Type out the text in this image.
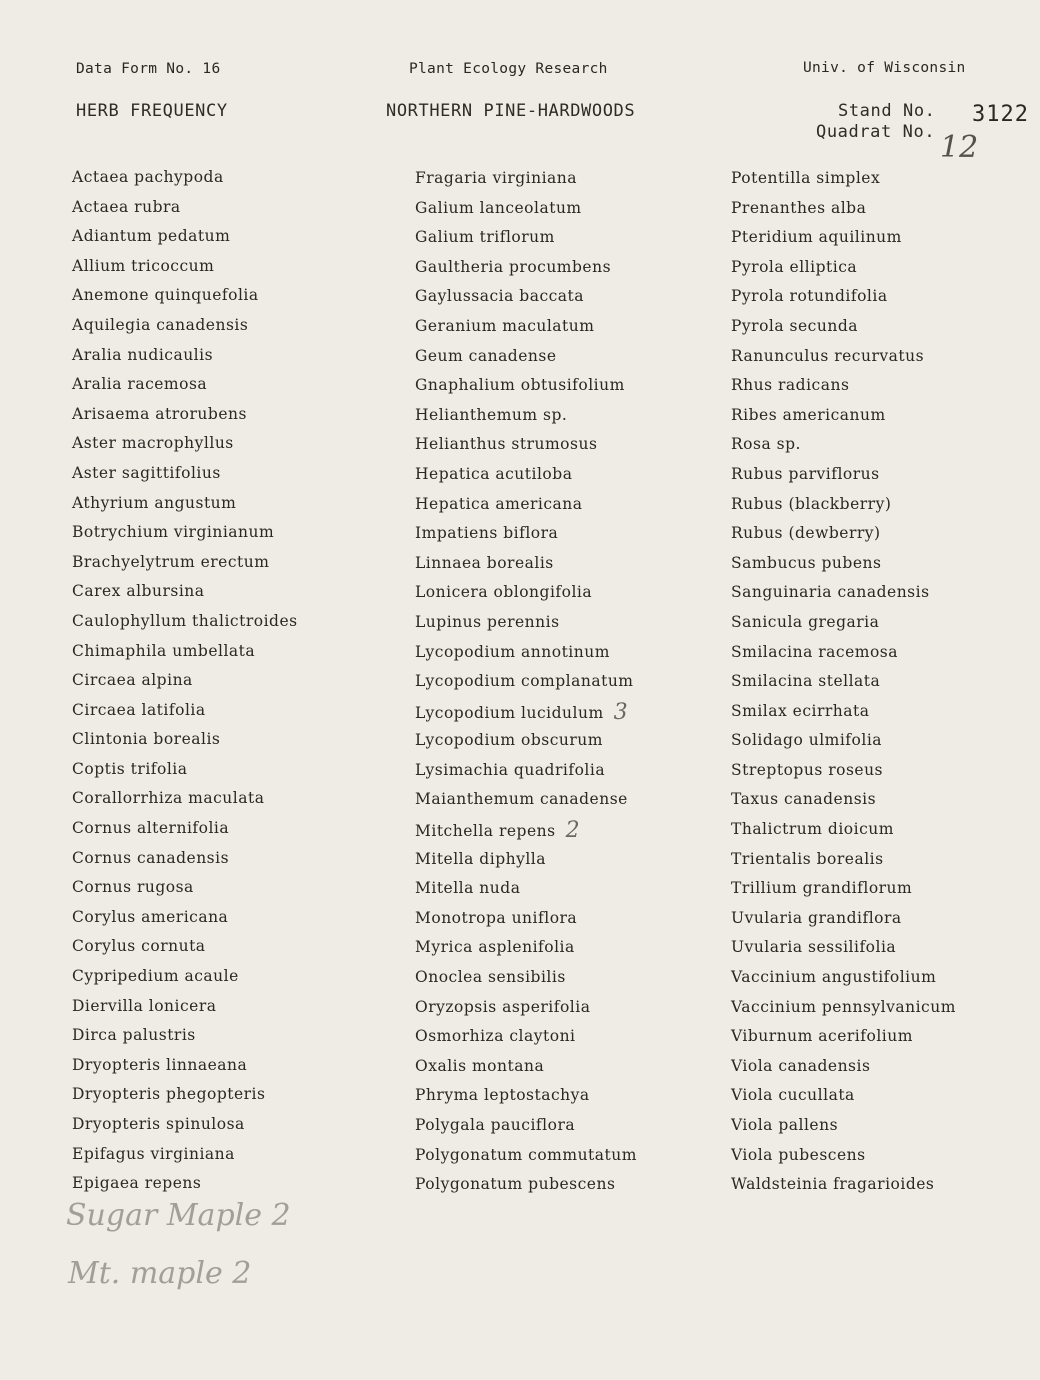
Data Form No. 16	Plant Ecology Research	Univ. of Wisconsin
HERB FREQUENCY	NORTHERN PINE-HARDWOODS	Stand No.
Quadrat No.
3122
12
Actaea pachypoda
Actaea rubra
Adiantum pedatum
Allium tricoccum
Anemone quinquefolia
Aquilegia canadensis
Aralia nudicaulis
Aralia racemosa
Arisaema atrorubens
Aster macrophyllus
Aster sagittifolius
Athyrium angustum
Botrychium virginianum
Brachyelytrum erectum
Carex albursina
Caulophyllum thalictroides
Chimaphila umbellata
Circaea alpina
Circaea latifolia
Clintonia borealis
Coptis trifolia
Corallorrhiza maculata
Cornus alternifolia
Cornus canadensis
Cornus rugosa
Corylus americana
Corylus cornuta
Cypripedium acaule
Diervilla lonicera
Dirca palustris
Dryopteris linnaeana
Dryopteris phegopteris
Dryopteris spinulosa
Epifagus virginiana
Epigaea repens
Fragaria virginiana
Galium lanceolatum
Galium triflorum
Gaultheria procumbens
Gaylussacia baccata
Geranium maculatum
Geum canadense
Gnaphalium obtusifolium
Helianthemum sp.
Helianthus strumosus
Hepatica acutiloba
Hepatica americana
Impatiens biflora
Linnaea borealis
Lonicera oblongifolia
Lupinus perennis
Lycopodium annotinum
Lycopodium complanatum
Lycopodium lucidulum 3
Lycopodium obscurum
Lysimachia quadrifolia
Maianthemum canadense
Mitchella repens 2
Mitella diphylla
Mitella nuda
Monotropa uniflora
Myrica asplenifolia
Onoclea sensibilis
Oryzopsis asperifolia
Osmorhiza claytoni
Oxalis montana
Phryma leptostachya
Polygala pauciflora
Polygonatum commutatum
Polygonatum pubescens
Potentilla simplex
Prenanthes alba
Pteridium aquilinum
Pyrola elliptica
Pyrola rotundifolia
Pyrola secunda
Ranunculus recurvatus
Rhus radicans
Ribes americanum
Rosa sp.
Rubus parviflorus
Rubus (blackberry)
Rubus (dewberry)
Sambucus pubens
Sanguinaria canadensis
Sanicula gregaria
Smilacina racemosa
Smilacina stellata
Smilax ecirrhata
Solidago ulmifolia
Streptopus roseus
Taxus canadensis
Thalictrum dioicum
Trientalis borealis
Trillium grandiflorum
Uvularia grandiflora
Uvularia sessilifolia
Vaccinium angustifolium
Vaccinium pennsylvanicum
Viburnum acerifolium
Viola canadensis
Viola cucullata
Viola pallens
Viola pubescens
Waldsteinia fragarioides
Sugar Maple 2
Mt. maple 2
